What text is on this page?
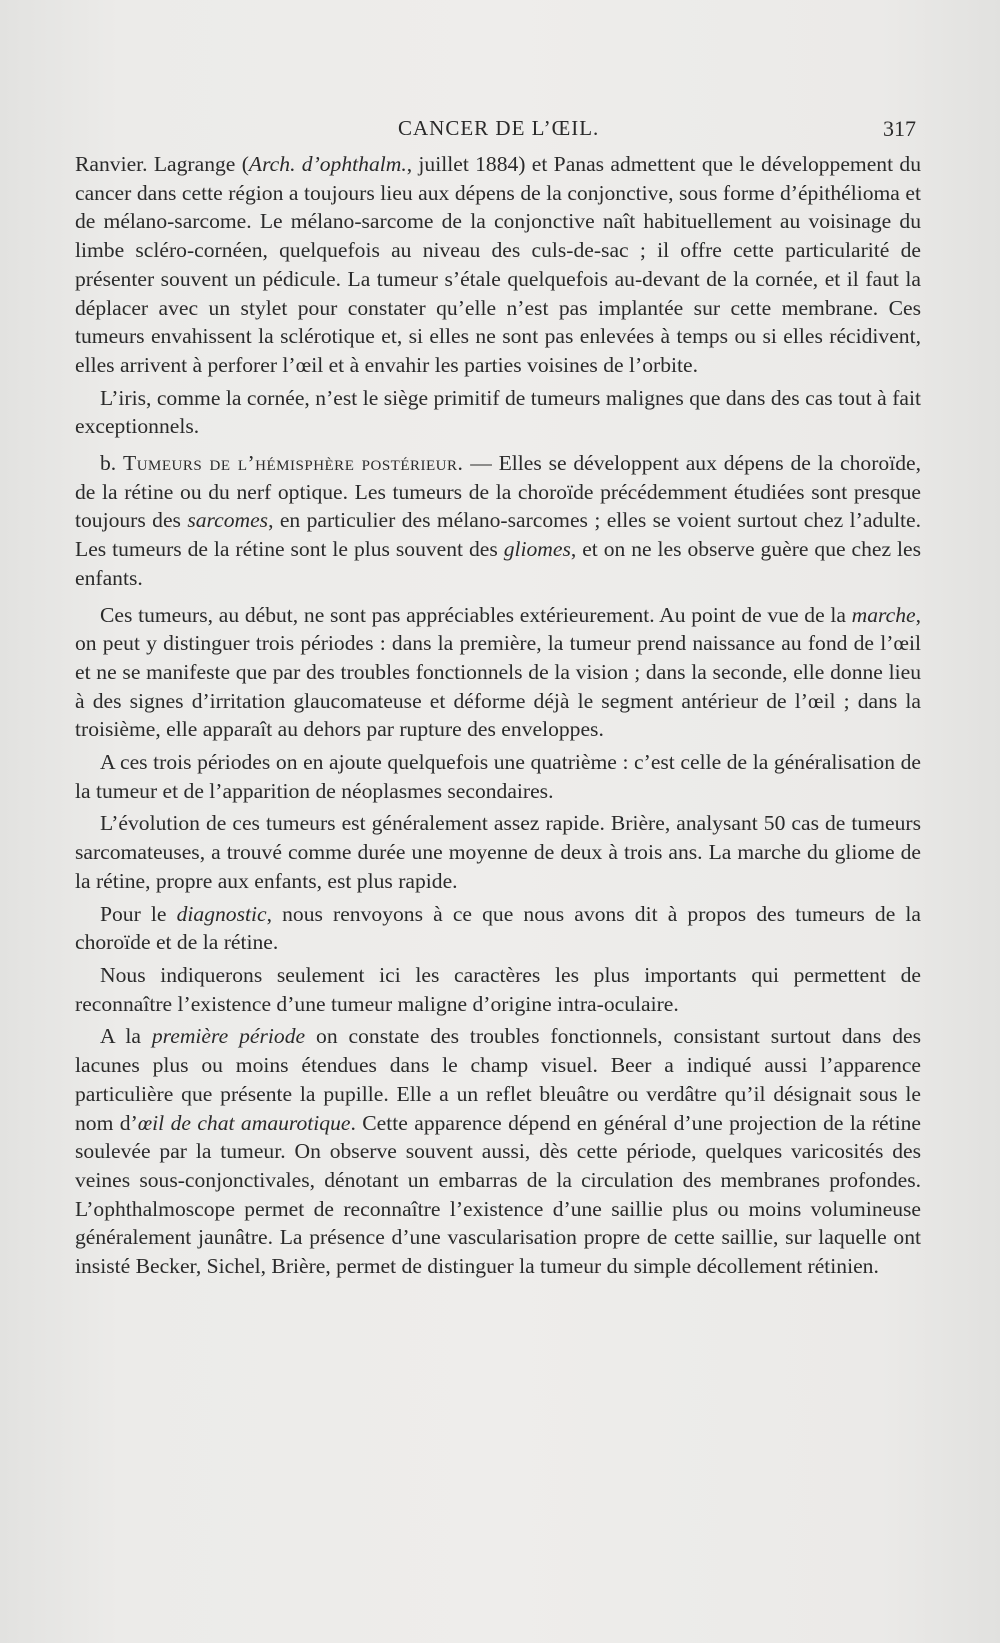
CANCER DE L’ŒIL.	317

Ranvier. Lagrange (Arch. d’ophthalm., juillet 1884) et Panas admettent que le développement du cancer dans cette région a toujours lieu aux dépens de la conjonctive, sous forme d’épithélioma et de mélano-sarcome. Le mélano-sarcome de la conjonctive naît habituellement au voisinage du limbe scléro-cornéen, quelquefois au niveau des culs-de-sac ; il offre cette particularité de présenter souvent un pédicule. La tumeur s’étale quelquefois au-devant de la cornée, et il faut la déplacer avec un stylet pour constater qu’elle n’est pas implantée sur cette membrane. Ces tumeurs envahissent la sclérotique et, si elles ne sont pas enlevées à temps ou si elles récidivent, elles arrivent à perforer l’œil et à envahir les parties voisines de l’orbite.

L’iris, comme la cornée, n’est le siège primitif de tumeurs malignes que dans des cas tout à fait exceptionnels.

b. Tumeurs de l’hémisphère postérieur. — Elles se développent aux dépens de la choroïde, de la rétine ou du nerf optique. Les tumeurs de la choroïde précédemment étudiées sont presque toujours des sarcomes, en particulier des mélano-sarcomes ; elles se voient surtout chez l’adulte. Les tumeurs de la rétine sont le plus souvent des gliomes, et on ne les observe guère que chez les enfants.

Ces tumeurs, au début, ne sont pas appréciables extérieurement. Au point de vue de la marche, on peut y distinguer trois périodes : dans la première, la tumeur prend naissance au fond de l’œil et ne se manifeste que par des troubles fonctionnels de la vision ; dans la seconde, elle donne lieu à des signes d’irritation glaucomateuse et déforme déjà le segment antérieur de l’œil ; dans la troisième, elle apparaît au dehors par rupture des enveloppes.

A ces trois périodes on en ajoute quelquefois une quatrième : c’est celle de la généralisation de la tumeur et de l’apparition de néoplasmes secondaires.

L’évolution de ces tumeurs est généralement assez rapide. Brière, analysant 50 cas de tumeurs sarcomateuses, a trouvé comme durée une moyenne de deux à trois ans. La marche du gliome de la rétine, propre aux enfants, est plus rapide.

Pour le diagnostic, nous renvoyons à ce que nous avons dit à propos des tumeurs de la choroïde et de la rétine.

Nous indiquerons seulement ici les caractères les plus importants qui permettent de reconnaître l’existence d’une tumeur maligne d’origine intra-oculaire.

A la première période on constate des troubles fonctionnels, consistant surtout dans des lacunes plus ou moins étendues dans le champ visuel. Beer a indiqué aussi l’apparence particulière que présente la pupille. Elle a un reflet bleuâtre ou verdâtre qu’il désignait sous le nom d’œil de chat amaurotique. Cette apparence dépend en général d’une projection de la rétine soulevée par la tumeur. On observe souvent aussi, dès cette période, quelques varicosités des veines sous-conjonctivales, dénotant un embarras de la circulation des membranes profondes. L’ophthalmoscope permet de reconnaître l’existence d’une saillie plus ou moins volumineuse généralement jaunâtre. La présence d’une vascularisation propre de cette saillie, sur laquelle ont insisté Becker, Sichel, Brière, permet de distinguer la tumeur du simple décollement rétinien.
